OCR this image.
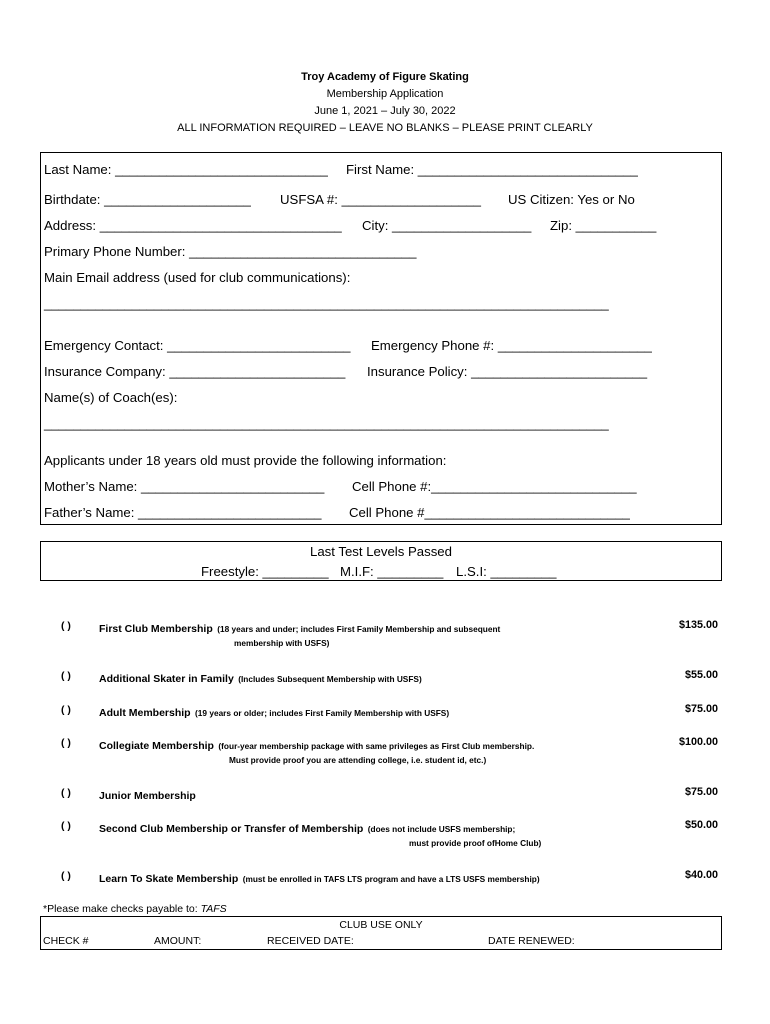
Troy Academy of Figure Skating
Membership Application
June 1, 2021 – July 30, 2022
ALL INFORMATION REQUIRED – LEAVE NO BLANKS – PLEASE PRINT CLEARLY
Last Name: _____________________________ First Name: ______________________________
Birthdate: ____________________ USFSA #: ___________________ US Citizen: Yes or No
Address: _________________________________ City: ___________________ Zip: ___________
Primary Phone Number: _______________________________
Main Email address (used for club communications):
_____________________________________________________________________________
Emergency Contact: _________________________ Emergency Phone #: _____________________
Insurance Company: ________________________ Insurance Policy: ________________________
Name(s) of Coach(es):
_____________________________________________________________________________
Applicants under 18 years old must provide the following information:
Mother’s Name: _________________________ Cell Phone #:____________________________
Father’s Name: _________________________ Cell Phone #____________________________
Last Test Levels Passed
Freestyle: _________ M.I.F: _________ L.S.I: _________
( )	First Club Membership (18 years and under; includes First Family Membership and subsequent
membership with USFS)
$135.00
( )	Additional Skater in Family (Includes Subsequent Membership with USFS)	$55.00
( )	Adult Membership (19 years or older; includes First Family Membership with USFS)	$75.00
( )	Collegiate Membership (four-year membership package with same privileges as First Club membership.
Must provide proof you are attending college, i.e. student id, etc.)
$100.00
( )	Junior Membership	$75.00
( )	Second Club Membership or Transfer of Membership (does not include USFS membership;
must provide proof ofHome Club)
$50.00
( )	Learn To Skate Membership (must be enrolled in TAFS LTS program and have a LTS USFS membership)	$40.00
*Please make checks payable to: TAFS
CLUB USE ONLY
CHECK #	AMOUNT:	RECEIVED DATE:	DATE RENEWED:
